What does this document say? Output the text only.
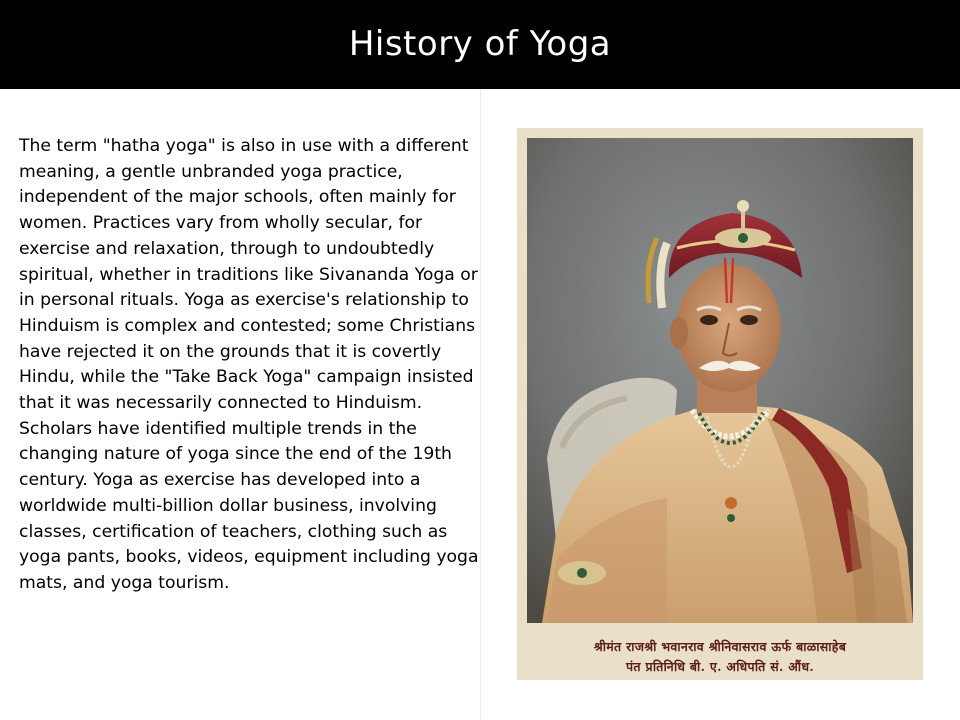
History of Yoga

The term "hatha yoga" is also in use with a different meaning, a gentle unbranded yoga practice, independent of the major schools, often mainly for women. Practices vary from wholly secular, for exercise and relaxation, through to undoubtedly spiritual, whether in traditions like Sivananda Yoga or in personal rituals. Yoga as exercise's relationship to Hinduism is complex and contested; some Christians have rejected it on the grounds that it is covertly Hindu, while the "Take Back Yoga" campaign insisted that it was necessarily connected to Hinduism. Scholars have identified multiple trends in the changing nature of yoga since the end of the 19th century. Yoga as exercise has developed into a worldwide multi-billion dollar business, involving classes, certification of teachers, clothing such as yoga pants, books, videos, equipment including yoga mats, and yoga tourism.

श्रीमंत राजश्री भवानराव श्रीनिवासराव ऊर्फ बाळासाहेब
पंत प्रतिनिधि बी. ए. अधिपति सं. औंध.
